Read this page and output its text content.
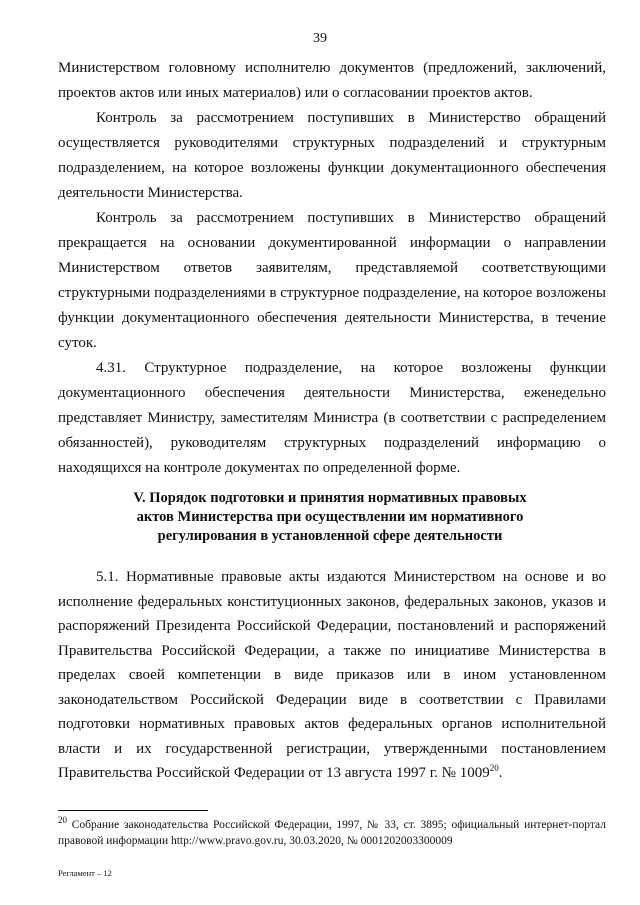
39

Министерством головному исполнителю документов (предложений, заключений, проектов актов или иных материалов) или о согласовании проектов актов.

Контроль за рассмотрением поступивших в Министерство обращений осуществляется руководителями структурных подразделений и структурным подразделением, на которое возложены функции документационного обеспечения деятельности Министерства.

Контроль за рассмотрением поступивших в Министерство обращений прекращается на основании документированной информации о направлении Министерством ответов заявителям, представляемой соответствующими структурными подразделениями в структурное подразделение, на которое возложены функции документационного обеспечения деятельности Министерства, в течение суток.

4.31. Структурное подразделение, на которое возложены функции документационного обеспечения деятельности Министерства, еженедельно представляет Министру, заместителям Министра (в соответствии с распределением обязанностей), руководителям структурных подразделений информацию о находящихся на контроле документах по определенной форме.

V. Порядок подготовки и принятия нормативных правовых
актов Министерства при осуществлении им нормативного
регулирования в установленной сфере деятельности

5.1. Нормативные правовые акты издаются Министерством на основе и во исполнение федеральных конституционных законов, федеральных законов, указов и распоряжений Президента Российской Федерации, постановлений и распоряжений Правительства Российской Федерации, а также по инициативе Министерства в пределах своей компетенции в виде приказов или в ином установленном законодательством Российской Федерации виде в соответствии с Правилами подготовки нормативных правовых актов федеральных органов исполнительной власти и их государственной регистрации, утвержденными постановлением Правительства Российской Федерации от 13 августа 1997 г. № 1009$^{20}$.

$^{20}$ Собрание законодательства Российской Федерации, 1997, № 33, ст. 3895; официальный интернет-портал правовой информации http://www.pravo.gov.ru, 30.03.2020, № 0001202003300009
Регламент – 12
